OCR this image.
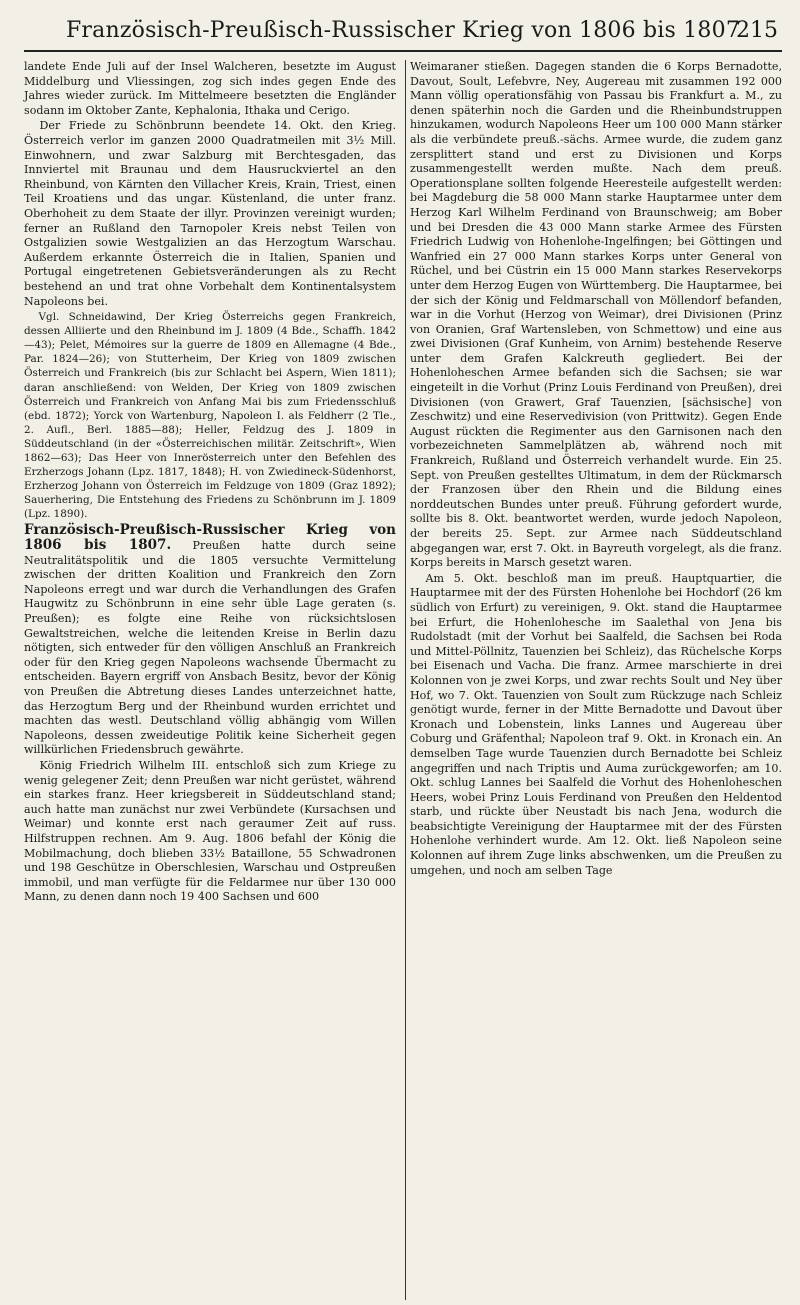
Französisch-Preußisch-Russischer Krieg von 1806 bis 1807
215

landete Ende Juli auf der Insel Walcheren, besetzte im August Middelburg und Vliessingen, zog sich indes gegen Ende des Jahres wieder zurück. Im Mittelmeere besetzten die Engländer sodann im Oktober Zante, Kephalonia, Ithaka und Cerigo.

Der Friede zu Schönbrunn beendete 14. Okt. den Krieg. Österreich verlor im ganzen 2000 Quadratmeilen mit 3½ Mill. Einwohnern, und zwar Salzburg mit Berchtesgaden, das Innviertel mit Braunau und dem Hausruckviertel an den Rheinbund, von Kärnten den Villacher Kreis, Krain, Triest, einen Teil Kroatiens und das ungar. Küstenland, die unter franz. Oberhoheit zu dem Staate der illyr. Provinzen vereinigt wurden; ferner an Rußland den Tarnopoler Kreis nebst Teilen von Ostgalizien sowie Westgalizien an das Herzogtum Warschau. Außerdem erkannte Österreich die in Italien, Spanien und Portugal eingetretenen Gebietsveränderungen als zu Recht bestehend an und trat ohne Vorbehalt dem Kontinentalsystem Napoleons bei.

Vgl. Schneidawind, Der Krieg Österreichs gegen Frankreich, dessen Alliierte und den Rheinbund im J. 1809 (4 Bde., Schaffh. 1842—43); Pelet, Mémoires sur la guerre de 1809 en Allemagne (4 Bde., Par. 1824—26); von Stutterheim, Der Krieg von 1809 zwischen Österreich und Frankreich (bis zur Schlacht bei Aspern, Wien 1811); daran anschließend: von Welden, Der Krieg von 1809 zwischen Österreich und Frankreich von Anfang Mai bis zum Friedensschluß (ebd. 1872); Yorck von Wartenburg, Napoleon I. als Feldherr (2 Tle., 2. Aufl., Berl. 1885—88); Heller, Feldzug des J. 1809 in Süddeutschland (in der «Österreichischen militär. Zeitschrift», Wien 1862—63); Das Heer von Innerösterreich unter den Befehlen des Erzherzogs Johann (Lpz. 1817, 1848); H. von Zwiedineck-Südenhorst, Erzherzog Johann von Österreich im Feldzuge von 1809 (Graz 1892); Sauerhering, Die Entstehung des Friedens zu Schönbrunn im J. 1809 (Lpz. 1890).

Französisch-Preußisch-Russischer Krieg von 1806 bis 1807. Preußen hatte durch seine Neutralitätspolitik und die 1805 versuchte Vermittelung zwischen der dritten Koalition und Frankreich den Zorn Napoleons erregt und war durch die Verhandlungen des Grafen Haugwitz zu Schönbrunn in eine sehr üble Lage geraten (s. Preußen); es folgte eine Reihe von rücksichtslosen Gewaltstreichen, welche die leitenden Kreise in Berlin dazu nötigten, sich entweder für den völligen Anschluß an Frankreich oder für den Krieg gegen Napoleons wachsende Übermacht zu entscheiden. Bayern ergriff von Ansbach Besitz, bevor der König von Preußen die Abtretung dieses Landes unterzeichnet hatte, das Herzogtum Berg und der Rheinbund wurden errichtet und machten das westl. Deutschland völlig abhängig vom Willen Napoleons, dessen zweideutige Politik keine Sicherheit gegen willkürlichen Friedensbruch gewährte.

König Friedrich Wilhelm III. entschloß sich zum Kriege zu wenig gelegener Zeit; denn Preußen war nicht gerüstet, während ein starkes franz. Heer kriegsbereit in Süddeutschland stand; auch hatte man zunächst nur zwei Verbündete (Kursachsen und Weimar) und konnte erst nach geraumer Zeit auf russ. Hilfstruppen rechnen. Am 9. Aug. 1806 befahl der König die Mobilmachung, doch blieben 33½ Bataillone, 55 Schwadronen und 198 Geschütze in Oberschlesien, Warschau und Ostpreußen immobil, und man verfügte für die Feldarmee nur über 130 000 Mann, zu denen dann noch 19 400 Sachsen und 600

Weimaraner stießen. Dagegen standen die 6 Korps Bernadotte, Davout, Soult, Lefebvre, Ney, Augereau mit zusammen 192 000 Mann völlig operationsfähig von Passau bis Frankfurt a. M., zu denen späterhin noch die Garden und die Rheinbundstruppen hinzukamen, wodurch Napoleons Heer um 100 000 Mann stärker als die verbündete preuß.-sächs. Armee wurde, die zudem ganz zersplittert stand und erst zu Divisionen und Korps zusammengestellt werden mußte. Nach dem preuß. Operationsplane sollten folgende Heeresteile aufgestellt werden: bei Magdeburg die 58 000 Mann starke Hauptarmee unter dem Herzog Karl Wilhelm Ferdinand von Braunschweig; am Bober und bei Dresden die 43 000 Mann starke Armee des Fürsten Friedrich Ludwig von Hohenlohe-Ingelfingen; bei Göttingen und Wanfried ein 27 000 Mann starkes Korps unter General von Rüchel, und bei Cüstrin ein 15 000 Mann starkes Reservekorps unter dem Herzog Eugen von Württemberg. Die Hauptarmee, bei der sich der König und Feldmarschall von Möllendorf befanden, war in die Vorhut (Herzog von Weimar), drei Divisionen (Prinz von Oranien, Graf Wartensleben, von Schmettow) und eine aus zwei Divisionen (Graf Kunheim, von Arnim) bestehende Reserve unter dem Grafen Kalckreuth gegliedert. Bei der Hohenloheschen Armee befanden sich die Sachsen; sie war eingeteilt in die Vorhut (Prinz Louis Ferdinand von Preußen), drei Divisionen (von Grawert, Graf Tauenzien, [sächsische] von Zeschwitz) und eine Reservedivision (von Prittwitz). Gegen Ende August rückten die Regimenter aus den Garnisonen nach den vorbezeichneten Sammelplätzen ab, während noch mit Frankreich, Rußland und Österreich verhandelt wurde. Ein 25. Sept. von Preußen gestelltes Ultimatum, in dem der Rückmarsch der Franzosen über den Rhein und die Bildung eines norddeutschen Bundes unter preuß. Führung gefordert wurde, sollte bis 8. Okt. beantwortet werden, wurde jedoch Napoleon, der bereits 25. Sept. zur Armee nach Süddeutschland abgegangen war, erst 7. Okt. in Bayreuth vorgelegt, als die franz. Korps bereits in Marsch gesetzt waren.

Am 5. Okt. beschloß man im preuß. Hauptquartier, die Hauptarmee mit der des Fürsten Hohenlohe bei Hochdorf (26 km südlich von Erfurt) zu vereinigen, 9. Okt. stand die Hauptarmee bei Erfurt, die Hohenlohesche im Saalethal von Jena bis Rudolstadt (mit der Vorhut bei Saalfeld, die Sachsen bei Roda und Mittel-Pöllnitz, Tauenzien bei Schleiz), das Rüchelsche Korps bei Eisenach und Vacha. Die franz. Armee marschierte in drei Kolonnen von je zwei Korps, und zwar rechts Soult und Ney über Hof, wo 7. Okt. Tauenzien von Soult zum Rückzuge nach Schleiz genötigt wurde, ferner in der Mitte Bernadotte und Davout über Kronach und Lobenstein, links Lannes und Augereau über Coburg und Gräfenthal; Napoleon traf 9. Okt. in Kronach ein. An demselben Tage wurde Tauenzien durch Bernadotte bei Schleiz angegriffen und nach Triptis und Auma zurückgeworfen; am 10. Okt. schlug Lannes bei Saalfeld die Vorhut des Hohenloheschen Heers, wobei Prinz Louis Ferdinand von Preußen den Heldentod starb, und rückte über Neustadt bis nach Jena, wodurch die beabsichtigte Vereinigung der Hauptarmee mit der des Fürsten Hohenlohe verhindert wurde. Am 12. Okt. ließ Napoleon seine Kolonnen auf ihrem Zuge links abschwenken, um die Preußen zu umgehen, und noch am selben Tage
